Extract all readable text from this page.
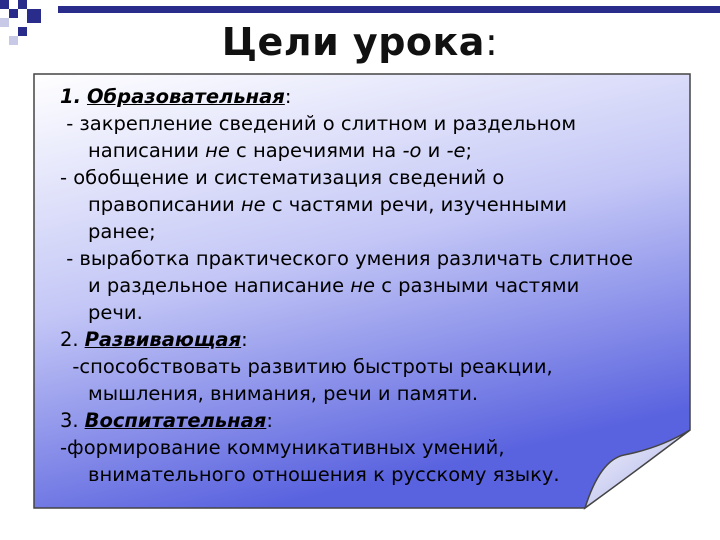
Цели урока:
1. Образовательная:
- закрепление сведений о слитном и раздельном
написании не с наречиями на -о и -е;
- обобщение и систематизация сведений о
правописании не с частями речи, изученными
ранее;
- выработка практического умения различать слитное
и раздельное написание не с разными частями
речи.
2. Развивающая:
-способствовать развитию быстроты реакции,
мышления, внимания, речи и памяти.
3. Воспитательная:
-формирование коммуникативных умений,
внимательного отношения к русскому языку.
